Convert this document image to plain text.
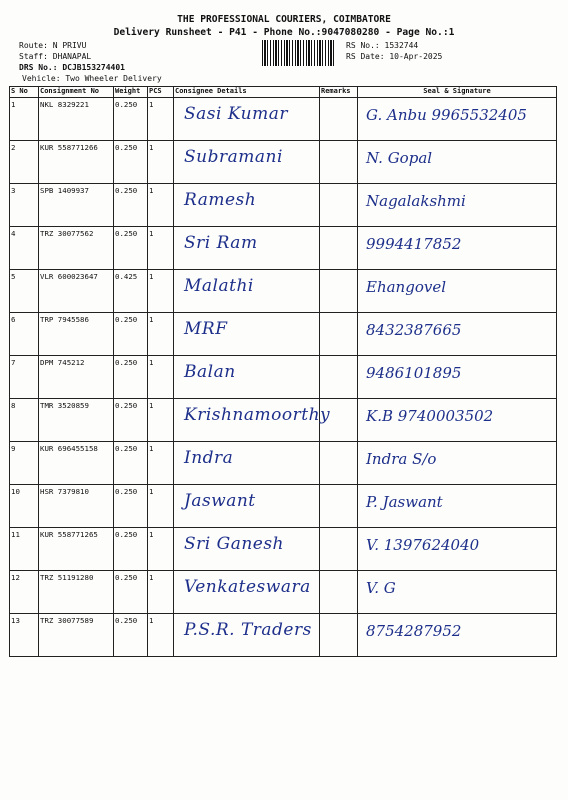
THE PROFESSIONAL COURIERS, COIMBATORE
Delivery Runsheet - P41 - Phone No.:9047080280 - Page No.:1
Route: N PRIVU
Staff: DHANAPAL
DRS No.: DCJB153274401
Vehicle: Two Wheeler Delivery
RS No.: 1532744
RS Date: 10-Apr-2025
S No	Consignment No	Weight	PCS	Consignee Details	Remarks	Seal & Signature
1	NKL 8329221	0.250	1	Sasi Kumar		G. Anbu 9965532405

2	KUR 558771266	0.250	1	Subramani		N. Gopal

3	SPB 1409937	0.250	1	Ramesh		Nagalakshmi

4	TRZ 30077562	0.250	1	Sri Ram		9994417852

5	VLR 600023647	0.425	1	Malathi		Ehangovel

6	TRP 7945586	0.250	1	MRF		8432387665

7	DPM 745212	0.250	1	Balan		9486101895

8	TMR 3520859	0.250	1	Krishnamoorthy		K.B 9740003502

9	KUR 696455158	0.250	1	Indra		Indra S/o

10	HSR 7379810	0.250	1	Jaswant		P. Jaswant

11	KUR 558771265	0.250	1	Sri Ganesh		V. 1397624040

12	TRZ 51191280	0.250	1	Venkateswara		V. G

13	TRZ 30077589	0.250	1	P.S.R. Traders		8754287952
